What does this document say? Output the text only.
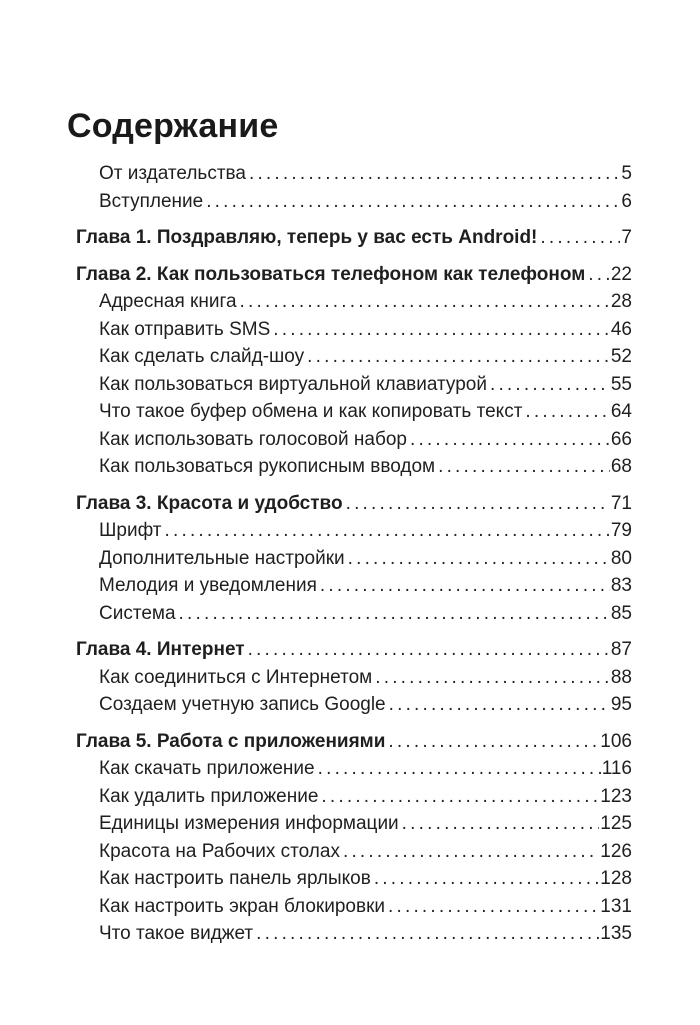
Содержание
От издательства .....	5
Вступление .....	6
Глава 1. Поздравляю, теперь у вас есть Android! .....	7
Глава 2. Как пользоваться телефоном как телефоном ..... 22
Адресная книга .....	28
Как отправить SMS .....	46
Как сделать слайд-шоу .....	52
Как пользоваться виртуальной клавиатурой .....	55
Что такое буфер обмена и как копировать текст .....	64
Как использовать голосовой набор .....	66
Как пользоваться рукописным вводом .....	68
Глава 3. Красота и удобство .....	71
Шрифт .....	79
Дополнительные настройки .....	80
Мелодия и уведомления .....	83
Система .....	85
Глава 4. Интернет .....	87
Как соединиться с Интернетом .....	88
Создаем учетную запись Google .....	95
Глава 5. Работа с приложениями .....	106
Как скачать приложение .....	116
Как удалить приложение .....	123
Единицы измерения информации .....	125
Красота на Рабочих столах .....	126
Как настроить панель ярлыков .....	128
Как настроить экран блокировки .....	131
Что такое виджет .....	135
